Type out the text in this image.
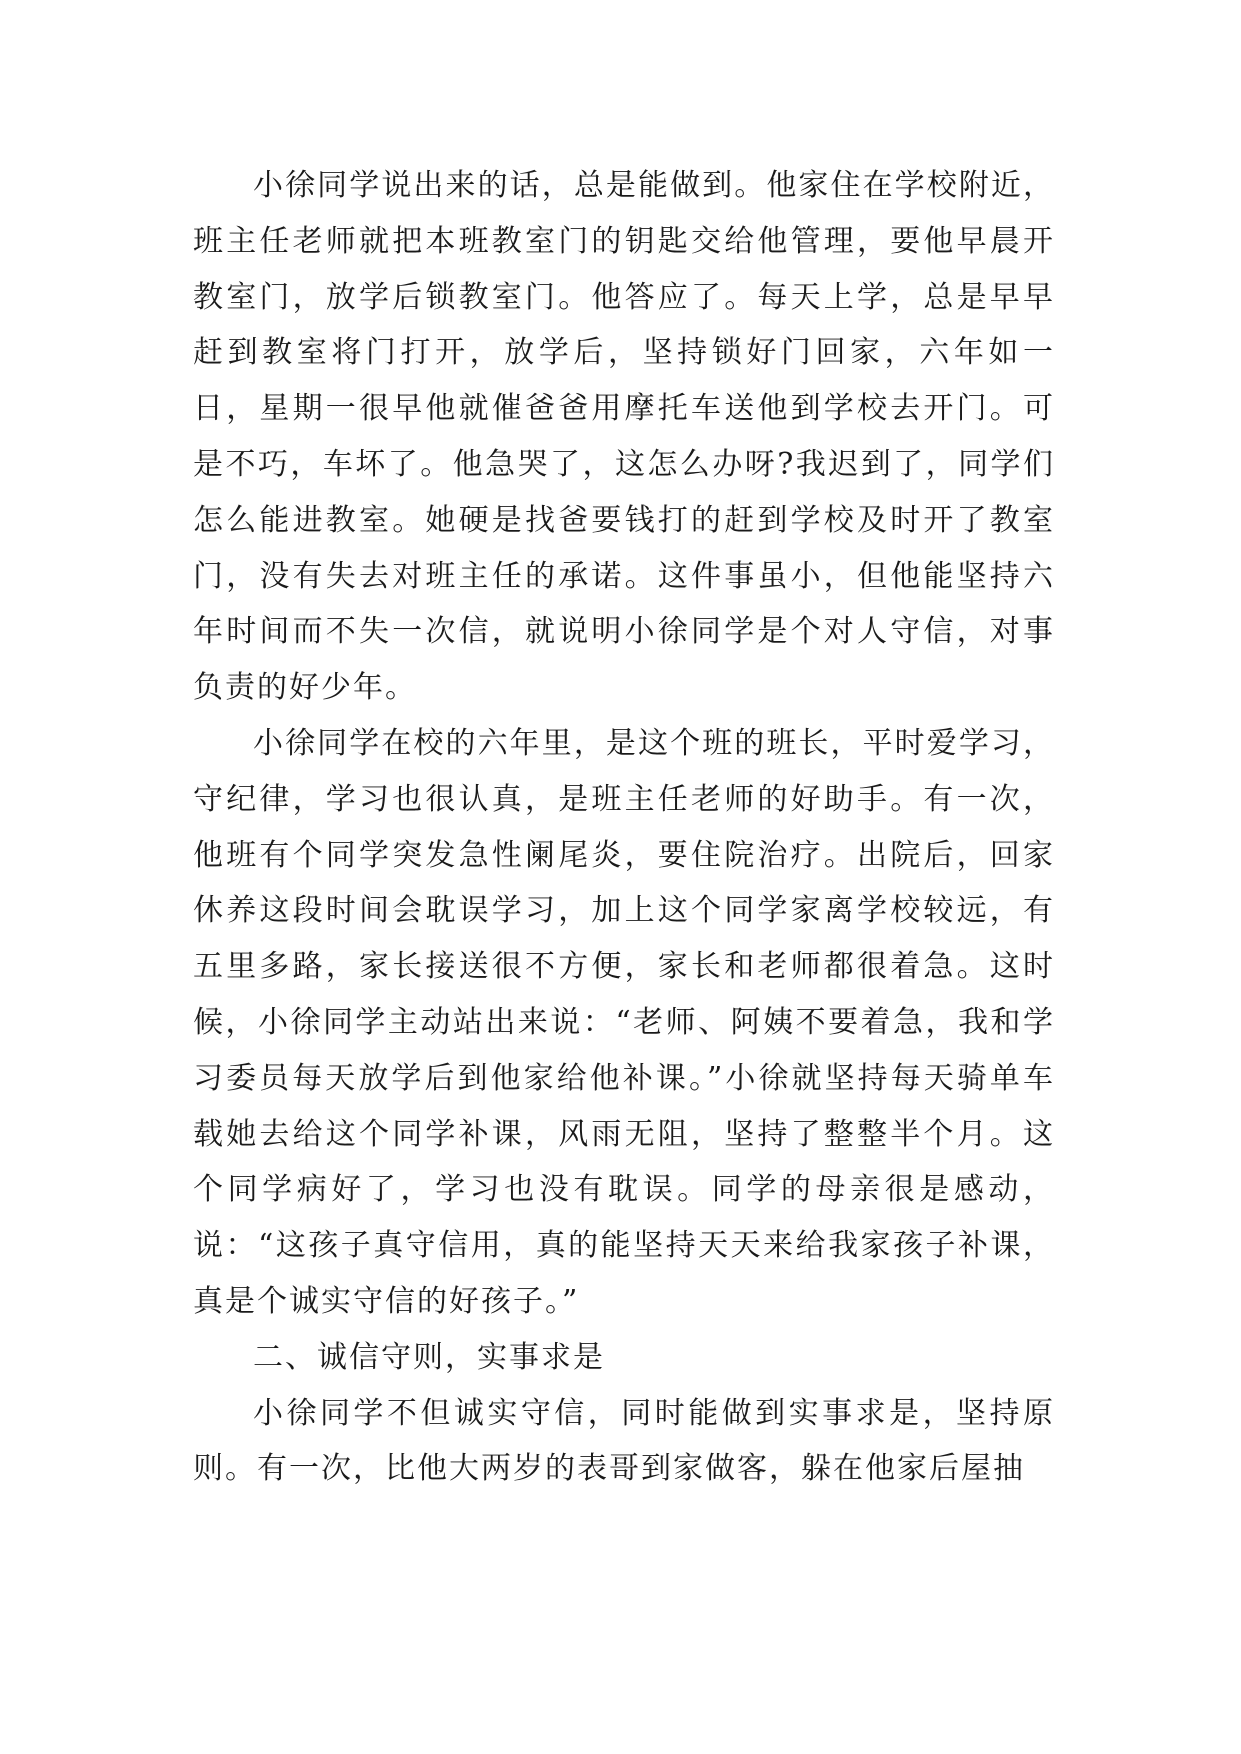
小徐同学说出来的话，总是能做到。他家住在学校附近，班主任老师就把本班教室门的钥匙交给他管理，要他早晨开教室门，放学后锁教室门。他答应了。每天上学，总是早早赶到教室将门打开，放学后，坚持锁好门回家，六年如一日，星期一很早他就催爸爸用摩托车送他到学校去开门。可是不巧，车坏了。他急哭了，这怎么办呀?我迟到了，同学们怎么能进教室。她硬是找爸要钱打的赶到学校及时开了教室门，没有失去对班主任的承诺。这件事虽小，但他能坚持六年时间而不失一次信，就说明小徐同学是个对人守信，对事负责的好少年。

小徐同学在校的六年里，是这个班的班长，平时爱学习，守纪律，学习也很认真，是班主任老师的好助手。有一次，他班有个同学突发急性阑尾炎，要住院治疗。出院后，回家休养这段时间会耽误学习，加上这个同学家离学校较远，有五里多路，家长接送很不方便，家长和老师都很着急。这时候，小徐同学主动站出来说：“老师、阿姨不要着急，我和学习委员每天放学后到他家给他补课。”小徐就坚持每天骑单车载她去给这个同学补课，风雨无阻，坚持了整整半个月。这个同学病好了，学习也没有耽误。同学的母亲很是感动，说：“这孩子真守信用，真的能坚持天天来给我家孩子补课，真是个诚实守信的好孩子。”

二、诚信守则，实事求是

小徐同学不但诚实守信，同时能做到实事求是，坚持原则。有一次，比他大两岁的表哥到家做客，躲在他家后屋抽
